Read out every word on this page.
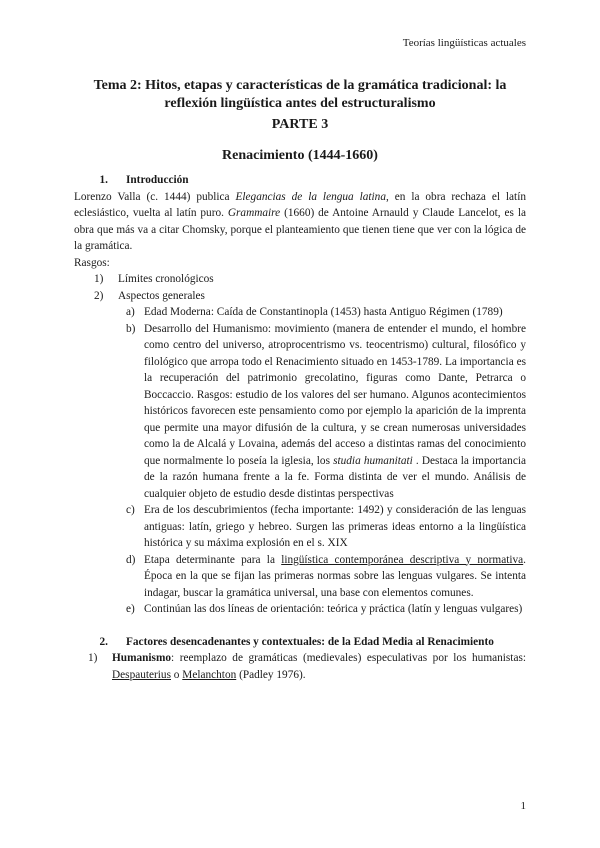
Teorías lingüísticas actuales
Tema 2: Hitos, etapas y características de la gramática tradicional: la reflexión lingüística antes del estructuralismo
PARTE 3
Renacimiento (1444-1660)

1. Introducción

Lorenzo Valla (c. 1444) publica Elegancias de la lengua latina, en la obra rechaza el latín eclesiástico, vuelta al latín puro. Grammaire (1660) de Antoine Arnauld y Claude Lancelot, es la obra que más va a citar Chomsky, porque el planteamiento que tienen tiene que ver con la lógica de la gramática.

Rasgos:

1) Límites cronológicos

2) Aspectos generales

a) Edad Moderna: Caída de Constantinopla (1453) hasta Antiguo Régimen (1789)

b) Desarrollo del Humanismo: movimiento (manera de entender el mundo, el hombre como centro del universo, atroprocentrismo vs. teocentrismo) cultural, filosófico y filológico que arropa todo el Renacimiento situado en 1453-1789. La importancia es la recuperación del patrimonio grecolatino, figuras como Dante, Petrarca o Boccaccio. Rasgos: estudio de los valores del ser humano. Algunos acontecimientos históricos favorecen este pensamiento como por ejemplo la aparición de la imprenta que permite una mayor difusión de la cultura, y se crean numerosas universidades como la de Alcalá y Lovaina, además del acceso a distintas ramas del conocimiento que normalmente lo poseía la iglesia, los studia humanitati . Destaca la importancia de la razón humana frente a la fe. Forma distinta de ver el mundo. Análisis de cualquier objeto de estudio desde distintas perspectivas

c) Era de los descubrimientos (fecha importante: 1492) y consideración de las lenguas antiguas: latín, griego y hebreo. Surgen las primeras ideas entorno a la lingüística histórica y su máxima explosión en el s. XIX

d) Etapa determinante para la lingüística contemporánea descriptiva y normativa. Época en la que se fijan las primeras normas sobre las lenguas vulgares. Se intenta indagar, buscar la gramática universal, una base con elementos comunes.

e) Continúan las dos líneas de orientación: teórica y práctica (latín y lenguas vulgares)

2. Factores desencadenantes y contextuales: de la Edad Media al Renacimiento

1) Humanismo: reemplazo de gramáticas (medievales) especulativas por los humanistas: Despauterius o Melanchton (Padley 1976).

1
